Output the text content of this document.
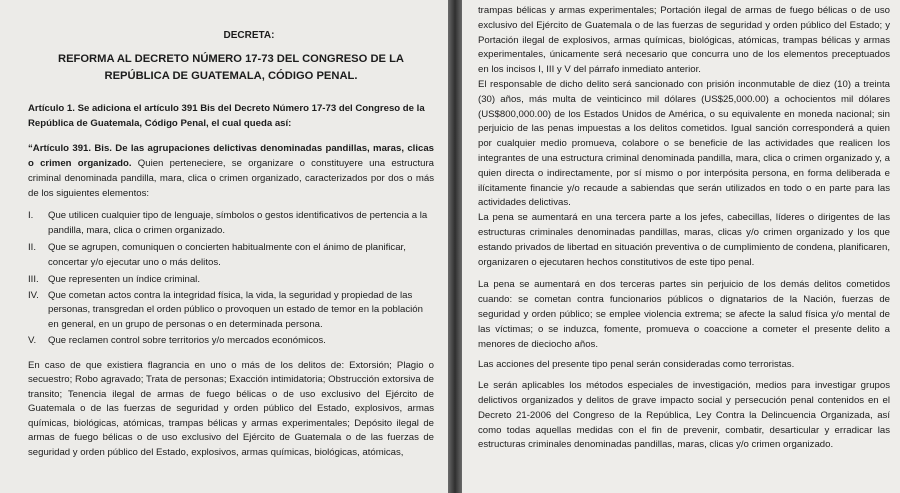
DECRETA:

REFORMA AL DECRETO NÚMERO 17-73 DEL CONGRESO DE LA REPÚBLICA DE GUATEMALA, CÓDIGO PENAL.

Artículo 1. Se adiciona el artículo 391 Bis del Decreto Número 17-73 del Congreso de la República de Guatemala, Código Penal, el cual queda así:

“Artículo 391. Bis. De las agrupaciones delictivas denominadas pandillas, maras, clicas o crimen organizado. Quien perteneciere, se organizare o constituyere una estructura criminal denominada pandilla, mara, clica o crimen organizado, caracterizados por dos o más de los siguientes elementos:

I. Que utilicen cualquier tipo de lenguaje, símbolos o gestos identificativos de pertencia a la pandilla, mara, clica o crimen organizado.
II. Que se agrupen, comuniquen o concierten habitualmente con el ánimo de planificar, concertar y/o ejecutar uno o más delitos.
III. Que representen un índice criminal.
IV. Que cometan actos contra la integridad física, la vida, la seguridad y propiedad de las personas, transgredan el orden público o provoquen un estado de temor en la población en general, en un grupo de personas o en determinada persona.
V. Que reclamen control sobre territorios y/o mercados económicos.

En caso de que existiera flagrancia en uno o más de los delitos de: Extorsión; Plagio o secuestro; Robo agravado; Trata de personas; Exacción intimidatoria; Obstrucción extorsiva de transito; Tenencia ilegal de armas de fuego bélicas o de uso exclusivo del Ejército de Guatemala o de las fuerzas de seguridad y orden público del Estado, explosivos, armas químicas, biológicas, atómicas, trampas bélicas y armas experimentales; Depósito ilegal de armas de fuego bélicas o de uso exclusivo del Ejército de Guatemala o de las fuerzas de seguridad y orden público del Estado, explosivos, armas químicas, biológicas, atómicas,

trampas bélicas y armas experimentales; Portación ilegal de armas de fuego bélicas o de uso exclusivo del Ejército de Guatemala o de las fuerzas de seguridad y orden público del Estado; y Portación ilegal de explosivos, armas químicas, biológicas, atómicas, trampas bélicas y armas experimentales, únicamente será necesario que concurra uno de los elementos preceptuados en los incisos I, III y V del párrafo inmediato anterior.

El responsable de dicho delito será sancionado con prisión inconmutable de diez (10) a treinta (30) años, más multa de veinticinco mil dólares (US$25,000.00) a ochocientos mil dólares (US$800,000.00) de los Estados Unidos de América, o su equivalente en moneda nacional; sin perjuicio de las penas impuestas a los delitos cometidos. Igual sanción corresponderá a quien por cualquier medio promueva, colabore o se beneficie de las actividades que realicen los integrantes de una estructura criminal denominada pandilla, mara, clica o crimen organizado y, a quien directa o indirectamente, por sí mismo o por interpósita persona, en forma deliberada e ilícitamente financie y/o recaude a sabiendas que serán utilizados en todo o en parte para las actividades delictivas.

La pena se aumentará en una tercera parte a los jefes, cabecillas, líderes o dirigentes de las estructuras criminales denominadas pandillas, maras, clicas y/o crimen organizado y los que estando privados de libertad en situación preventiva o de cumplimiento de condena, planificaren, organizaren o ejecutaren hechos constitutivos de este tipo penal.

La pena se aumentará en dos terceras partes sin perjuicio de los demás delitos cometidos cuando: se cometan contra funcionarios públicos o dignatarios de la Nación, fuerzas de seguridad y orden público; se emplee violencia extrema; se afecte la salud física y/o mental de las víctimas; o se induzca, fomente, promueva o coaccione a cometer el presente delito a menores de dieciocho años.

Las acciones del presente tipo penal serán consideradas como terroristas.

Le serán aplicables los métodos especiales de investigación, medios para investigar grupos delictivos organizados y delitos de grave impacto social y persecución penal contenidos en el Decreto 21-2006 del Congreso de la República, Ley Contra la Delincuencia Organizada, así como todas aquellas medidas con el fin de prevenir, combatir, desarticular y erradicar las estructuras criminales denominadas pandillas, maras, clicas y/o crimen organizado.
